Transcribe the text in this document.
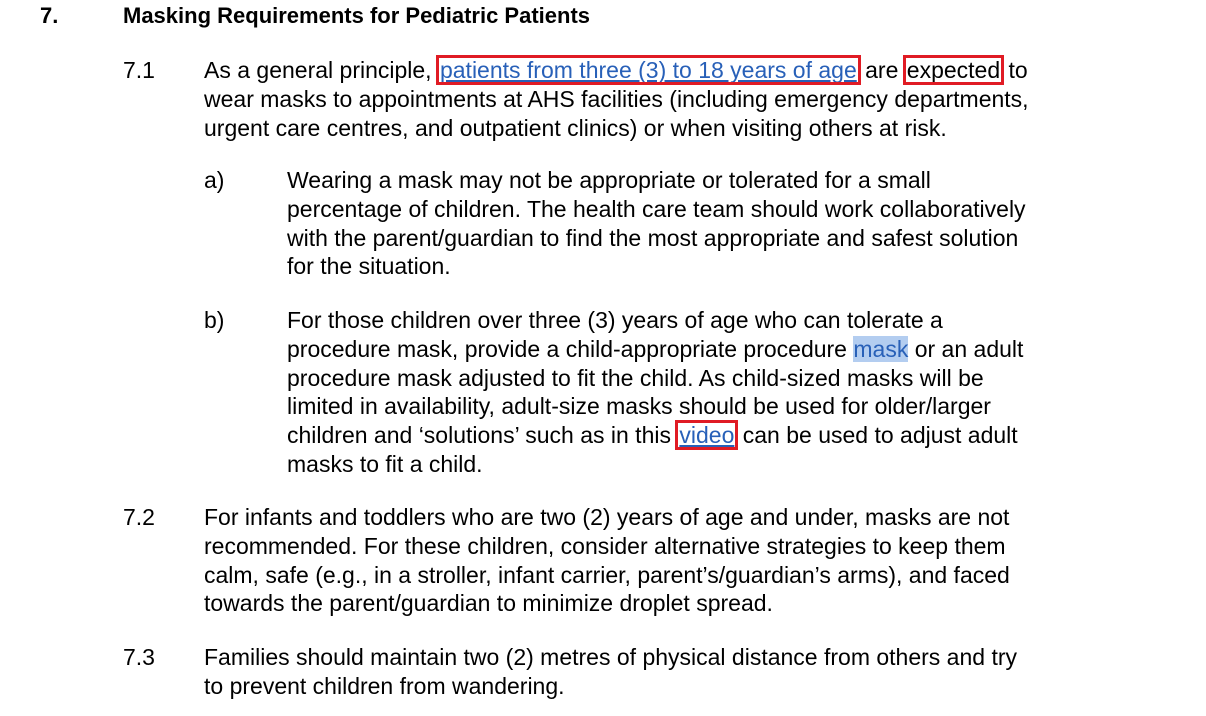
7.	Masking Requirements for Pediatric Patients
7.1 As a general principle, patients from three (3) to 18 years of age are expected to
wear masks to appointments at AHS facilities (including emergency departments,
urgent care centres, and outpatient clinics) or when visiting others at risk.
a)	Wearing a mask may not be appropriate or tolerated for a small
percentage of children. The health care team should work collaboratively
with the parent/guardian to find the most appropriate and safest solution
for the situation.
b)	For those children over three (3) years of age who can tolerate a
procedure mask, provide a child-appropriate procedure mask or an adult
procedure mask adjusted to fit the child. As child-sized masks will be
limited in availability, adult-size masks should be used for older/larger
children and ‘solutions’ such as in this video can be used to adjust adult
masks to fit a child.
7.2 For infants and toddlers who are two (2) years of age and under, masks are not
recommended. For these children, consider alternative strategies to keep them
calm, safe (e.g., in a stroller, infant carrier, parent’s/guardian’s arms), and faced
towards the parent/guardian to minimize droplet spread.
7.3 Families should maintain two (2) metres of physical distance from others and try
to prevent children from wandering.
